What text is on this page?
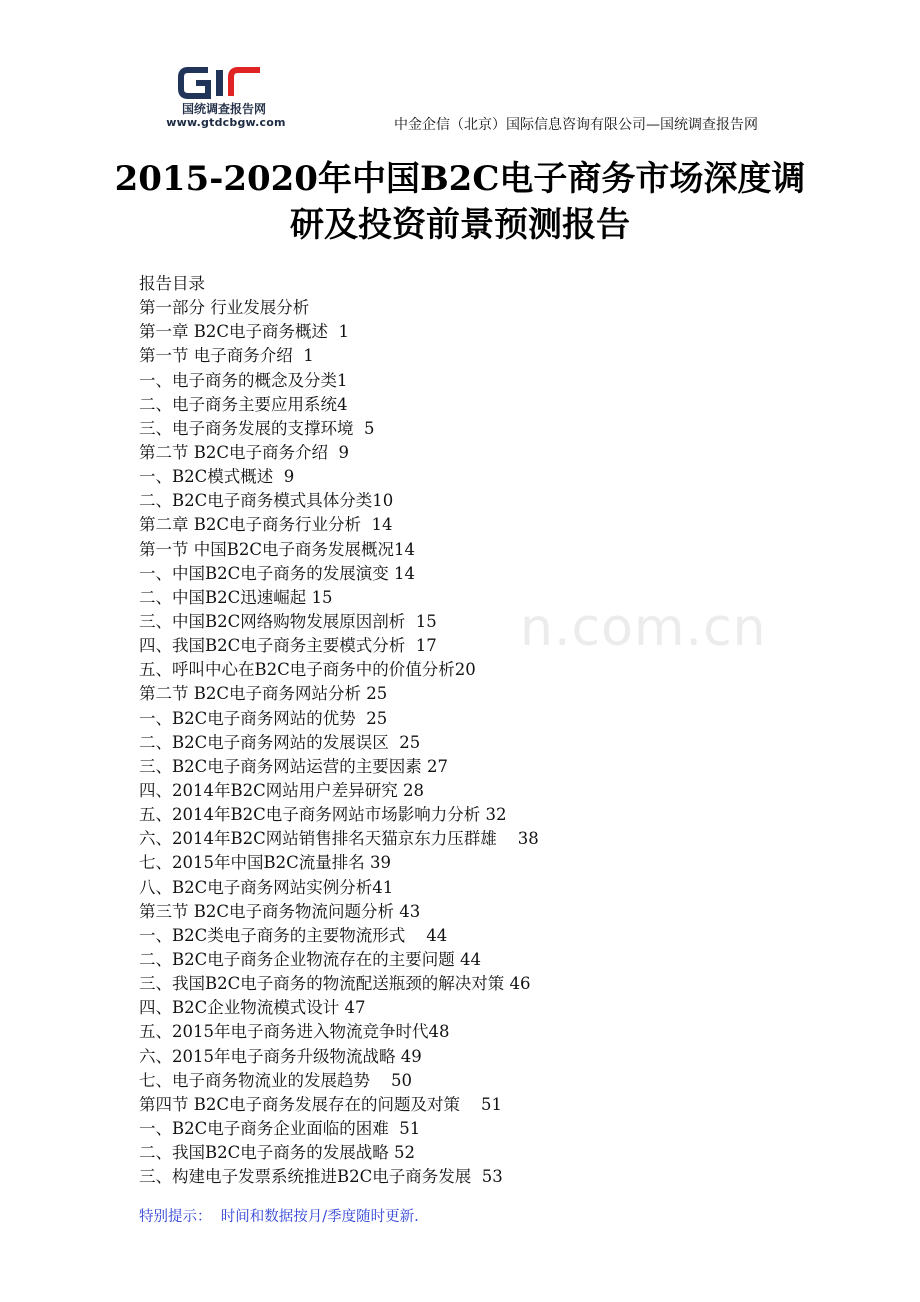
国统调查报告网
www.gtdcbgw.com	中金企信（北京）国际信息咨询有限公司—国统调查报告网
2015-2020年中国B2C电子商务市场深度调
研及投资前景预测报告
n.com.cn
报告目录
第一部分 行业发展分析
第一章 B2C电子商务概述  1
第一节 电子商务介绍  1
一、电子商务的概念及分类1
二、电子商务主要应用系统4
三、电子商务发展的支撑环境  5
第二节 B2C电子商务介绍  9
一、B2C模式概述  9
二、B2C电子商务模式具体分类10
第二章 B2C电子商务行业分析  14
第一节 中国B2C电子商务发展概况14
一、中国B2C电子商务的发展演变 14
二、中国B2C迅速崛起 15
三、中国B2C网络购物发展原因剖析  15
四、我国B2C电子商务主要模式分析  17
五、呼叫中心在B2C电子商务中的价值分析20
第二节 B2C电子商务网站分析 25
一、B2C电子商务网站的优势  25
二、B2C电子商务网站的发展误区  25
三、B2C电子商务网站运营的主要因素 27
四、2014年B2C网站用户差异研究 28
五、2014年B2C电子商务网站市场影响力分析 32
六、2014年B2C网站销售排名天猫京东力压群雄    38
七、2015年中国B2C流量排名 39
八、B2C电子商务网站实例分析41
第三节 B2C电子商务物流问题分析 43
一、B2C类电子商务的主要物流形式    44
二、B2C电子商务企业物流存在的主要问题 44
三、我国B2C电子商务的物流配送瓶颈的解决对策 46
四、B2C企业物流模式设计 47
五、2015年电子商务进入物流竞争时代48
六、2015年电子商务升级物流战略 49
七、电子商务物流业的发展趋势    50
第四节 B2C电子商务发展存在的问题及对策    51
一、B2C电子商务企业面临的困难  51
二、我国B2C电子商务的发展战略 52
三、构建电子发票系统推进B2C电子商务发展  53
特别提示：  时间和数据按月/季度随时更新.
